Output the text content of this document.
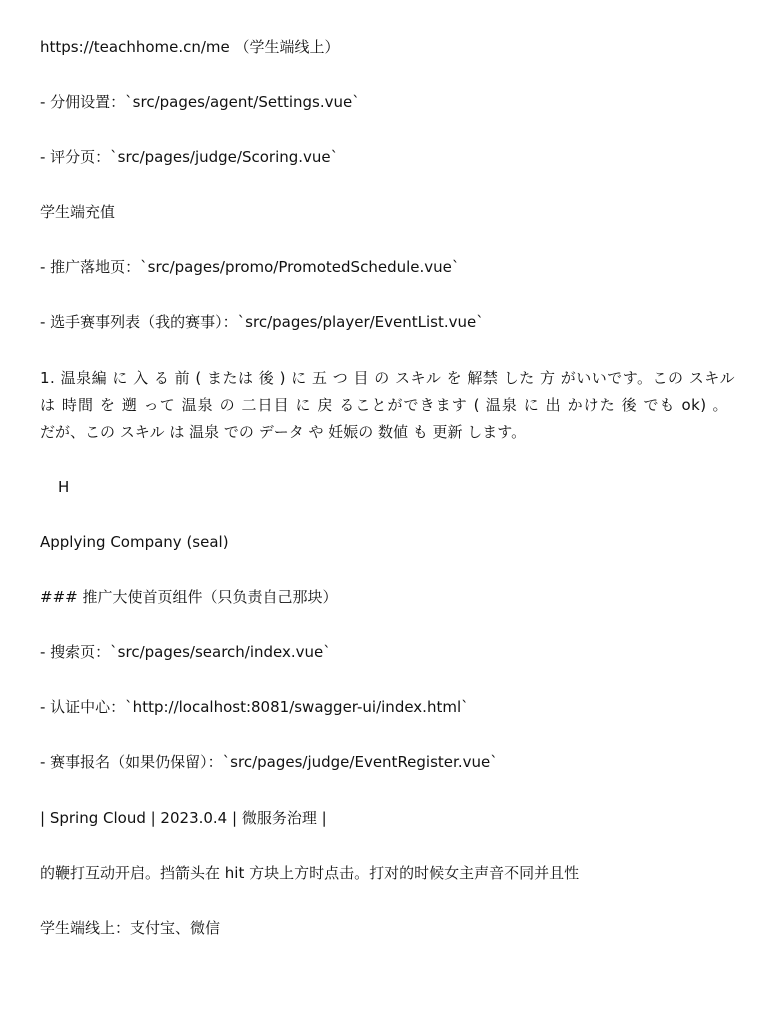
https://teachhome.cn/me （学生端线上）
- 分佣设置：`src/pages/agent/Settings.vue`
- 评分页：`src/pages/judge/Scoring.vue`
学生端充值
- 推广落地页：`src/pages/promo/PromotedSchedule.vue`
- 选手赛事列表（我的赛事）：`src/pages/player/EventList.vue`
1. 温泉編 に 入 る 前 ( または 後 ) に 五 つ 目 の スキル を 解禁 した 方 がいいです。この スキル
は 時間 を 遡 って 温泉 の 二日目 に 戻 ることができます ( 温泉 に 出 かけた 後 でも ok) 。
だが、この スキル は 温泉 での データ や 妊娠の 数値 も 更新 します。
H
Applying Company (seal)
### 推广大使首页组件（只负责自己那块）
- 搜索页：`src/pages/search/index.vue`
- 认证中心：`http://localhost:8081/swagger-ui/index.html`
- 赛事报名（如果仍保留）：`src/pages/judge/EventRegister.vue`
| Spring Cloud | 2023.0.4 | 微服务治理 |
的鞭打互动开启。挡箭头在 hit 方块上方时点击。打对的时候女主声音不同并且性
学生端线上：支付宝、微信
